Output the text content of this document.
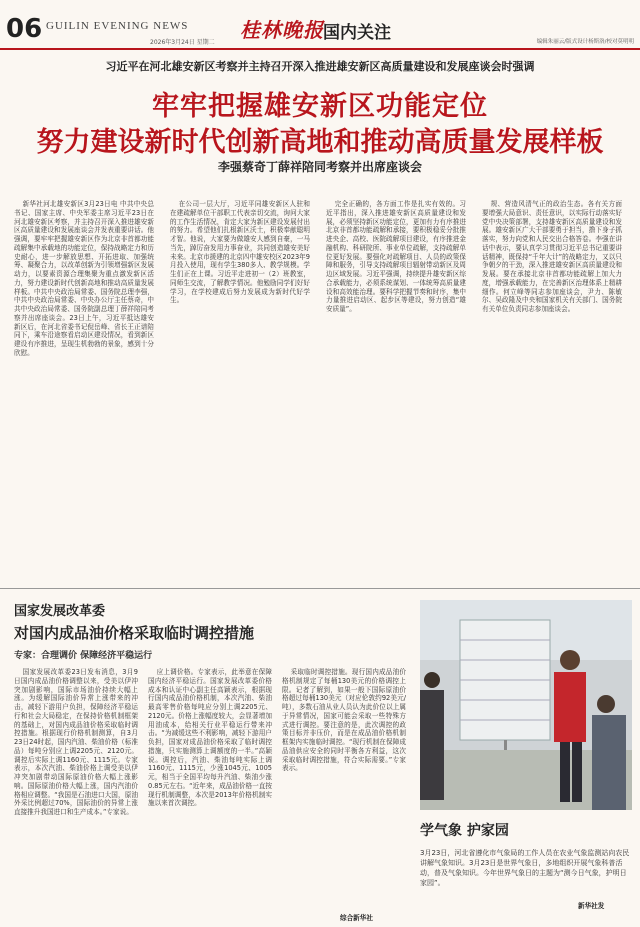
06 GUILIN EVENING NEWS
2026年3月24日 星期二
桂林晚报 国内关注	编辑朱丽云/版式设计杨斯洛/校对莫明明
习近平在河北雄安新区考察并主持召开深入推进雄安新区高质量建设和发展座谈会时强调
牢牢把握雄安新区功能定位
努力建设新时代创新高地和推动高质量发展样板
李强蔡奇丁薛祥陪同考察并出席座谈会

新华社河北雄安新区3月23日电 中共中央总书记、国家主席、中央军委主席习近平23日在河北雄安新区考察，并主持召开深入推进雄安新区高质量建设和发展座谈会并发表重要讲话。他强调，要牢牢把握雄安新区作为北京非首都功能疏解集中承载地的功能定位，保持战略定力和历史耐心，进一步解放思想、开拓进取、加强统筹、凝聚合力，以改革创新为引领增强新区发展动力，以要素资源合理集聚为重点激发新区活力，努力建设新时代创新高地和推动高质量发展样板。中共中央政治局常委、国务院总理李强，中共中央政治局常委、中央办公厅主任蔡奇，中共中央政治局常委、国务院副总理丁薛祥陪同考察并出席座谈会。23日上午，习近平抵达雄安新区后，在河北省委书记倪岳峰、省长王正谱陪同下，乘车沿途察看启动区建设情况，看到新区建设有序推进，呈现生机勃勃的景象，感到十分欣慰。

在公司一层大厅，习近平同雄安新区人驻和在建疏解单位干部职工代表亲切交流，询问大家的工作生活情况，肯定大家为新区建设发展付出的努力。希望他们扎根新区沃土，积极奉献聪明才智。他说，大家要为做雄安人感到自豪，一马当先，踔厉奋发用力事奋业，共同创造雄安美好未来。北京市援建的北京四中雄安校区2023年9月投入使用，现有学生380多人、教学规模。学生们正在上课。习近平走进初一（2）班教室，同师生交流，了解教学情况。他勉励同学们好好学习，在学校建成后努力发展成为新时代好学生。

完全正确的，各方面工作是扎实有效的。习近平指出，深入推进雄安新区高质量建设和发展，必须坚持新区功能定位，更加有力有序推进北京非首都功能疏解和承接，要积极稳妥分批推进央企、高校、医院疏解项目建设，有序推进金融机构、科研院所、事业单位疏解，支持疏解单位更好发展。要强化对疏解项目、人员的政策保障和服务，引导支持疏解项目辐射带动新区及周边区域发展。习近平强调，持续提升雄安新区综合承载能力，必须系统谋划、一体统筹高质量建设和高效能治理。要科学把握节奏和时序，集中力量推进启动区、起步区等建设，努力创造“雄安质量”。

规、营造风清气正的政治生态。各有关方面要增强大局意识、责任意识，以实际行动落实好党中央决策部署，支持雄安新区高质量建设和发展。雄安新区广大干部要勇于担当，撸下身子抓落实，努力向党和人民交出合格答卷。李强在讲话中表示，要认真学习贯彻习近平总书记重要讲话精神，既保持“千年大计”的战略定力，又以只争朝夕的干劲，深入推进雄安新区高质量建设和发展。要在承接北京非首都功能疏解上加大力度，增强承载能力，在完善新区治理体系上精耕细作。何立峰等同志参加座谈会，尹力、陈敏尔、吴政隆及中央和国家机关有关部门、国务院有关单位负责同志参加座谈会。

国家发展改革委
对国内成品油价格采取临时调控措施
专家：合理调价 保障经济平稳运行

国家发展改革委23日发布消息，3月9日国内成品油价格调整以来，受美以伊冲突加剧影响，国际市场油价持续大幅上涨。为缓解国际油价异常上涨带来的冲击，减轻下游用户负担，保障经济平稳运行和社会大局稳定，在保持价格机制框架的基础上，对国内成品油价格采取临时调控措施。根据现行价格机制测算，自3月23日24时起，国内汽油、柴油价格（标准品）每吨分别应上调2205元、2120元。调控后实际上调1160元、1115元。专家表示，本次汽油、柴油价格上调受美以伊冲突加剧带动国际原油价格大幅上涨影响。国际原油价格大幅上涨，国内汽油价格相应调整。“我国是石油进口大国，原油外采比例超过70%，国际油价的异常上涨直接推升我国进口和生产成本。”专家说。

应上调价格。专家表示，此举意在保障国内经济平稳运行。国家发展改革委价格成本和认证中心副主任高颖表示，根据现行国内成品油价格机制，本次汽油、柴油最高零售价格每吨应分别上调2205元、2120元。价格上涨幅度较大，会显著增加用油成本，给相关行业平稳运行带来冲击。“为减缓这些不利影响，减轻下游用户负担，国家对成品油价格采取了临时调控措施，只实施测算上调额度的一半。”高颖说。调控后，汽油、柴油每吨实际上调1160元、1115元，少涨1045元、1005元，相当于全国平均每升汽油、柴油少涨0.85元左右。“近年来，成品油价格一直按现行机制调整，本次是2013年价格机制实施以来首次调控。

采取临时调控措施。现行国内成品油价格机制规定了每桶130美元的价格调控上限。记者了解到，如果一般下国际原油价格超过每桶130美元（对应伦敦约92美元/吨），多数石油从业人员认为此价位以上属于异常情况，国家可能会采取一些特殊方式进行调控。要注意的是，此次调控的政策目标并非压价，而是在成品油价格机制框架内实施临时调控。“现行机制在保障成品油供应安全的同时平衡各方利益，这次采取临时调控措施，符合实际需要。”专家表示。

综合新华社
学气象 护家园
3月23日，河北省遵化市气象局的工作人员在农业气象监测站向农民讲解气象知识。3月23日是世界气象日，多地组织开展气象科普活动，普及气象知识。今年世界气象日的主题为“测今日气象，护明日家园”。
新华社发
